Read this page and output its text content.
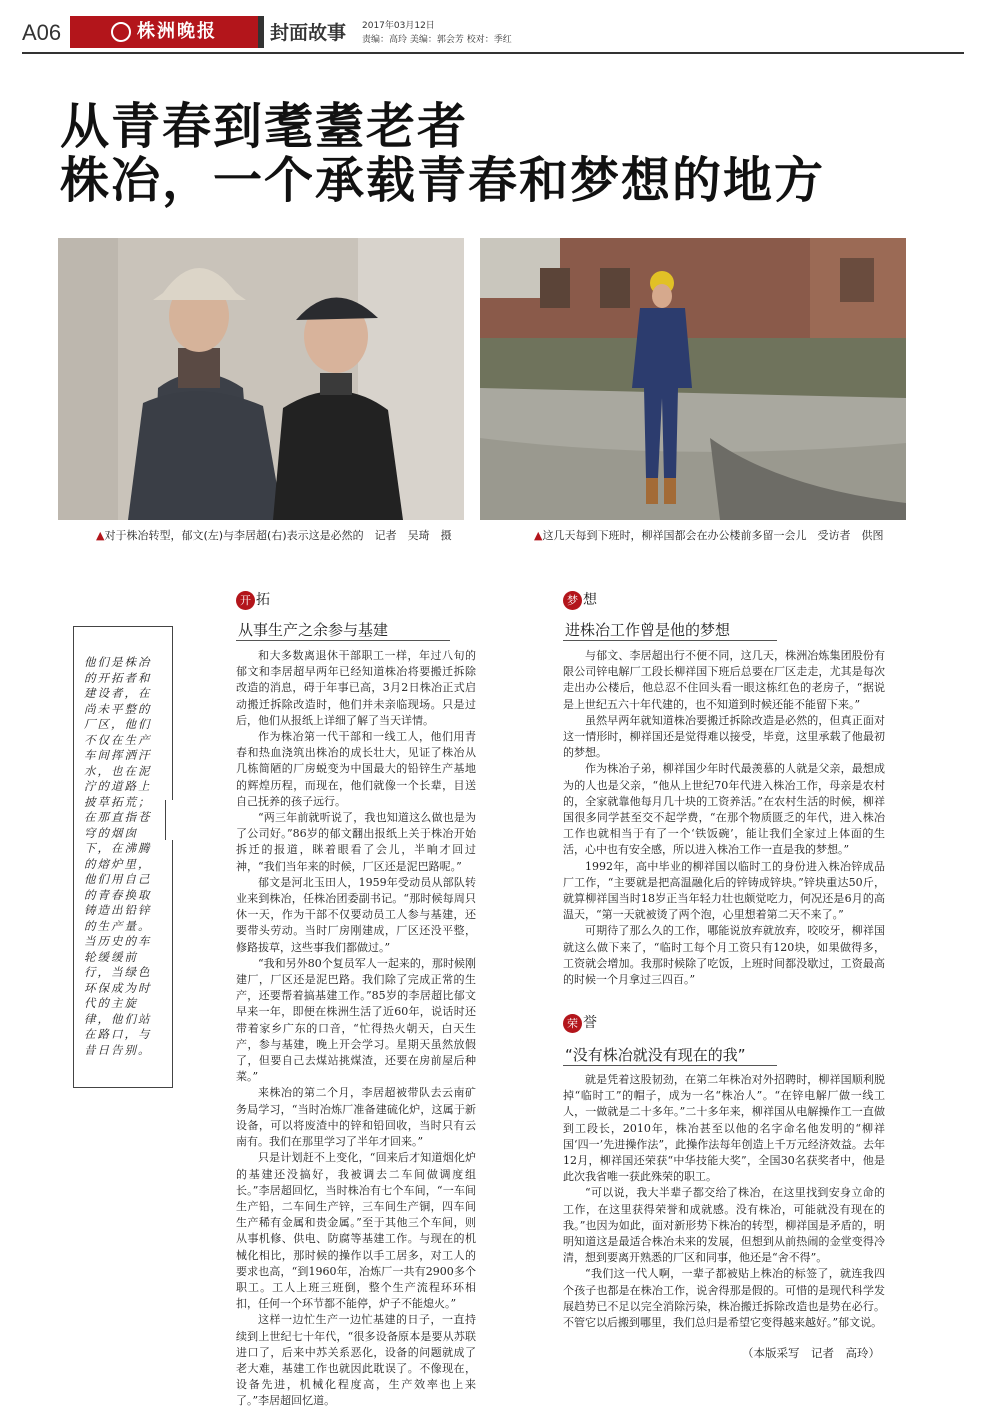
A06	株洲晚报	封面故事 2017年03月12日
责编：高玲 美编：郭会芳 校对：季红
从青春到耄耋老者
株冶，一个承载青春和梦想的地方
▲对于株冶转型，郁文(左)与李居超(右)表示这是必然的　记者　吴琦　摄	▲这几天每到下班时，柳祥国都会在办公楼前多留一会儿　受访者　供图
他们是株冶的开拓者和建设者，在尚未平整的厂区，他们不仅在生产车间挥洒汗水，也在泥泞的道路上披草拓荒；在那直指苍穹的烟囱下，在沸腾的熔炉里，他们用自己的青春换取铸造出铅锌的生产量。当历史的车轮缓缓前行，当绿色环保成为时代的主旋律，他们站在路口，与昔日告别。
开 拓
从事生产之余参与基建

和大多数离退休干部职工一样，年过八旬的郁文和李居超早两年已经知道株冶将要搬迁拆除改造的消息，碍于年事已高，3月2日株冶正式启动搬迁拆除改造时，他们并未亲临现场。只是过后，他们从报纸上详细了解了当天详情。

作为株冶第一代干部和一线工人，他们用青春和热血浇筑出株冶的成长壮大，见证了株冶从几栋简陋的厂房蜕变为中国最大的铅锌生产基地的辉煌历程，而现在，他们就像一个长辈，目送自己抚养的孩子远行。

“两三年前就听说了，我也知道这么做也是为了公司好。”86岁的郁文翻出报纸上关于株冶开始拆迁的报道，眯着眼看了会儿，半晌才回过神，“我们当年来的时候，厂区还是泥巴路呢。”

郁文是河北玉田人，1959年受动员从部队转业来到株冶，任株冶团委副书记。“那时候每周只休一天，作为干部不仅要动员工人参与基建，还要带头劳动。当时厂房刚建成，厂区还没平整，修路拔草，这些事我们都做过。”

“我和另外80个复员军人一起来的，那时候刚建厂，厂区还是泥巴路。我们除了完成正常的生产，还要帮着搞基建工作。”85岁的李居超比郁文早来一年，即便在株洲生活了近60年，说话时还带着家乡广东的口音，“忙得热火朝天，白天生产，参与基建，晚上开会学习。星期天虽然放假了，但要自己去煤站挑煤渣，还要在房前屋后种菜。”

来株冶的第二个月，李居超被带队去云南矿务局学习，“当时冶炼厂准备建硫化炉，这属于新设备，可以将废渣中的锌和铅回收，当时只有云南有。我们在那里学习了半年才回来。”

只是计划赶不上变化，“回来后才知道烟化炉的基建还没搞好，我被调去二车间做调度组长。”李居超回忆，当时株冶有七个车间，“一车间生产铅，二车间生产锌，三车间生产铜，四车间生产稀有金属和贵金属。”至于其他三个车间，则从事机修、供电、防腐等基建工作。与现在的机械化相比，那时候的操作以手工居多，对工人的要求也高，“到1960年，冶炼厂一共有2900多个职工。工人上班三班倒，整个生产流程环环相扣，任何一个环节都不能停，炉子不能熄火。”

这样一边忙生产一边忙基建的日子，一直持续到上世纪七十年代，“很多设备原本是要从苏联进口了，后来中苏关系恶化，设备的问题就成了老大难，基建工作也就因此耽误了。不像现在，设备先进，机械化程度高，生产效率也上来了。”李居超回忆道。

梦 想
进株冶工作曾是他的梦想

与郁文、李居超出行不便不同，这几天，株洲冶炼集团股份有限公司锌电解厂工段长柳祥国下班后总要在厂区走走，尤其是每次走出办公楼后，他总忍不住回头看一眼这栋红色的老房子，“据说是上世纪五六十年代建的，也不知道到时候还能不能留下来。”

虽然早两年就知道株冶要搬迁拆除改造是必然的，但真正面对这一情形时，柳祥国还是觉得难以接受，毕竟，这里承载了他最初的梦想。

作为株冶子弟，柳祥国少年时代最羡慕的人就是父亲，最想成为的人也是父亲，“他从上世纪70年代进入株冶工作，母亲是农村的，全家就靠他每月几十块的工资养活。”在农村生活的时候，柳祥国很多同学甚至交不起学费，“在那个物质匮乏的年代，进入株冶工作也就相当于有了一个‘铁饭碗’，能让我们全家过上体面的生活，心中也有安全感，所以进入株冶工作一直是我的梦想。”

1992年，高中毕业的柳祥国以临时工的身份进入株冶锌成品厂工作，“主要就是把高温融化后的锌铸成锌块。”锌块重达50斤，就算柳祥国当时18岁正当年轻力壮也颇觉吃力，何况还是6月的高温天，“第一天就被烫了两个泡，心里想着第二天不来了。”

可期待了那么久的工作，哪能说放弃就放弃，咬咬牙，柳祥国就这么做下来了，“临时工每个月工资只有120块，如果做得多，工资就会增加。我那时候除了吃饭，上班时间都没歇过，工资最高的时候一个月拿过三四百。”

荣 誉
“没有株冶就没有现在的我”

就是凭着这股韧劲，在第二年株冶对外招聘时，柳祥国顺利脱掉“临时工”的帽子，成为一名“株冶人”。“在锌电解厂做一线工人，一做就是二十多年。”二十多年来，柳祥国从电解操作工一直做到工段长，2010年，株冶甚至以他的名字命名他发明的“柳祥国‘四一’先进操作法”，此操作法每年创造上千万元经济效益。去年12月，柳祥国还荣获“中华技能大奖”，全国30名获奖者中，他是此次我省唯一获此殊荣的职工。

“可以说，我大半辈子都交给了株冶，在这里找到安身立命的工作，在这里获得荣誉和成就感。没有株冶，可能就没有现在的我。”也因为如此，面对新形势下株冶的转型，柳祥国是矛盾的，明明知道这是最适合株冶未来的发展，但想到从前热闹的金堂变得冷清，想到要离开熟悉的厂区和同事，他还是“舍不得”。

“我们这一代人啊，一辈子都被贴上株冶的标签了，就连我四个孩子也都是在株冶工作，说舍得那是假的。可惜的是现代科学发展趋势已不足以完全消除污染，株冶搬迁拆除改造也是势在必行。不管它以后搬到哪里，我们总归是希望它变得越来越好。”郁文说。

（本版采写　记者　高玲）
